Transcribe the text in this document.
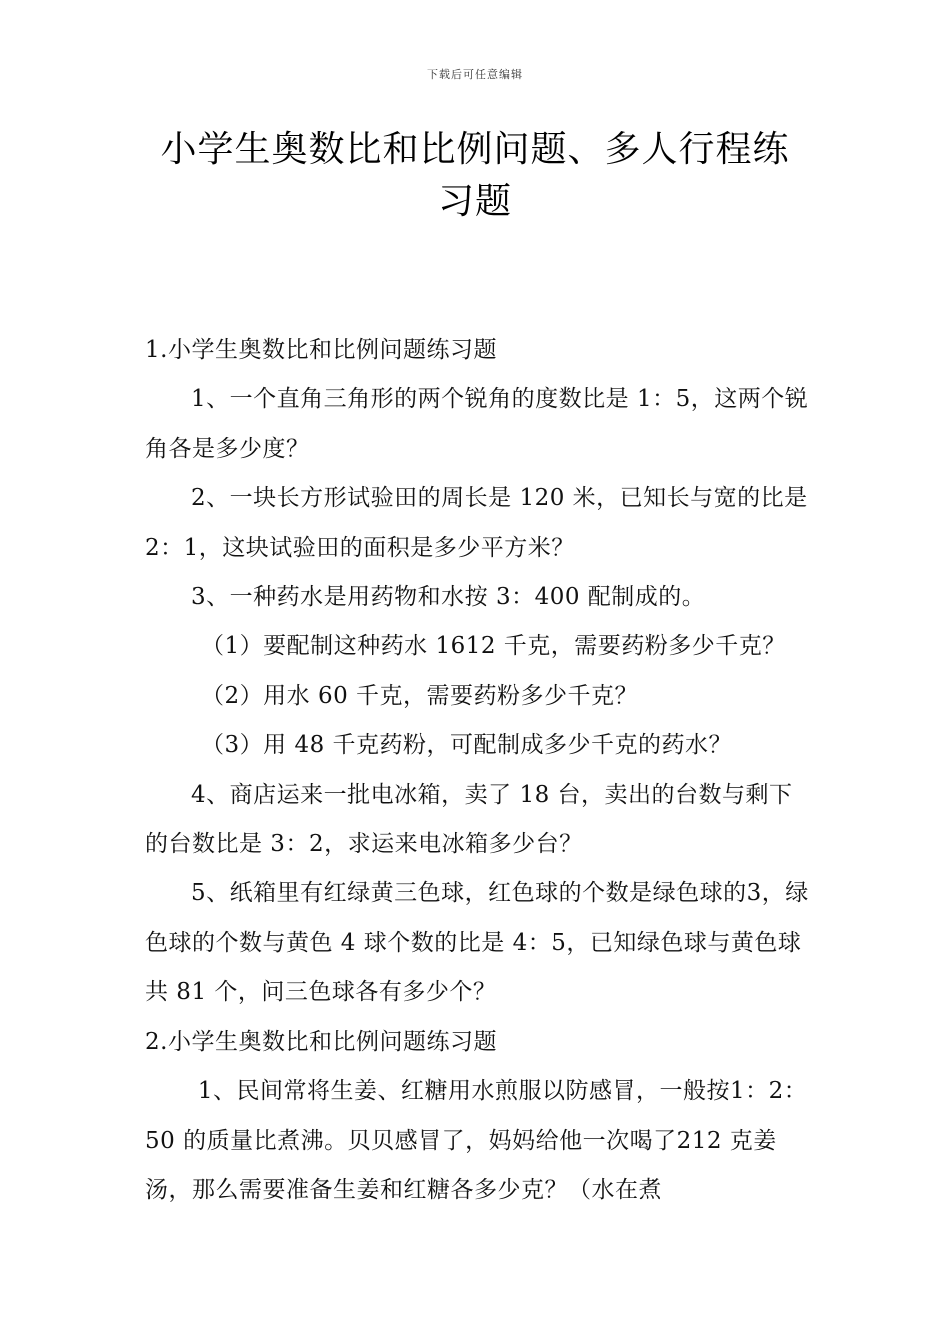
下载后可任意编辑
小学生奥数比和比例问题、多人行程练习题

1.小学生奥数比和比例问题练习题

1、一个直角三角形的两个锐角的度数比是 1：5，这两个锐角各是多少度？

2、一块长方形试验田的周长是 120 米，已知长与宽的比是 2：1，这块试验田的面积是多少平方米？

3、一种药水是用药物和水按 3：400 配制成的。

（1）要配制这种药水 1612 千克，需要药粉多少千克？

（2）用水 60 千克，需要药粉多少千克？

（3）用 48 千克药粉，可配制成多少千克的药水？

4、商店运来一批电冰箱，卖了 18 台，卖出的台数与剩下的台数比是 3：2，求运来电冰箱多少台？

5、纸箱里有红绿黄三色球，红色球的个数是绿色球的3，绿色球的个数与黄色 4 球个数的比是 4：5，已知绿色球与黄色球共 81 个，问三色球各有多少个？

2.小学生奥数比和比例问题练习题

1、民间常将生姜、红糖用水煎服以防感冒，一般按1：2：50 的质量比煮沸。贝贝感冒了，妈妈给他一次喝了212 克姜汤，那么需要准备生姜和红糖各多少克？（水在煮
